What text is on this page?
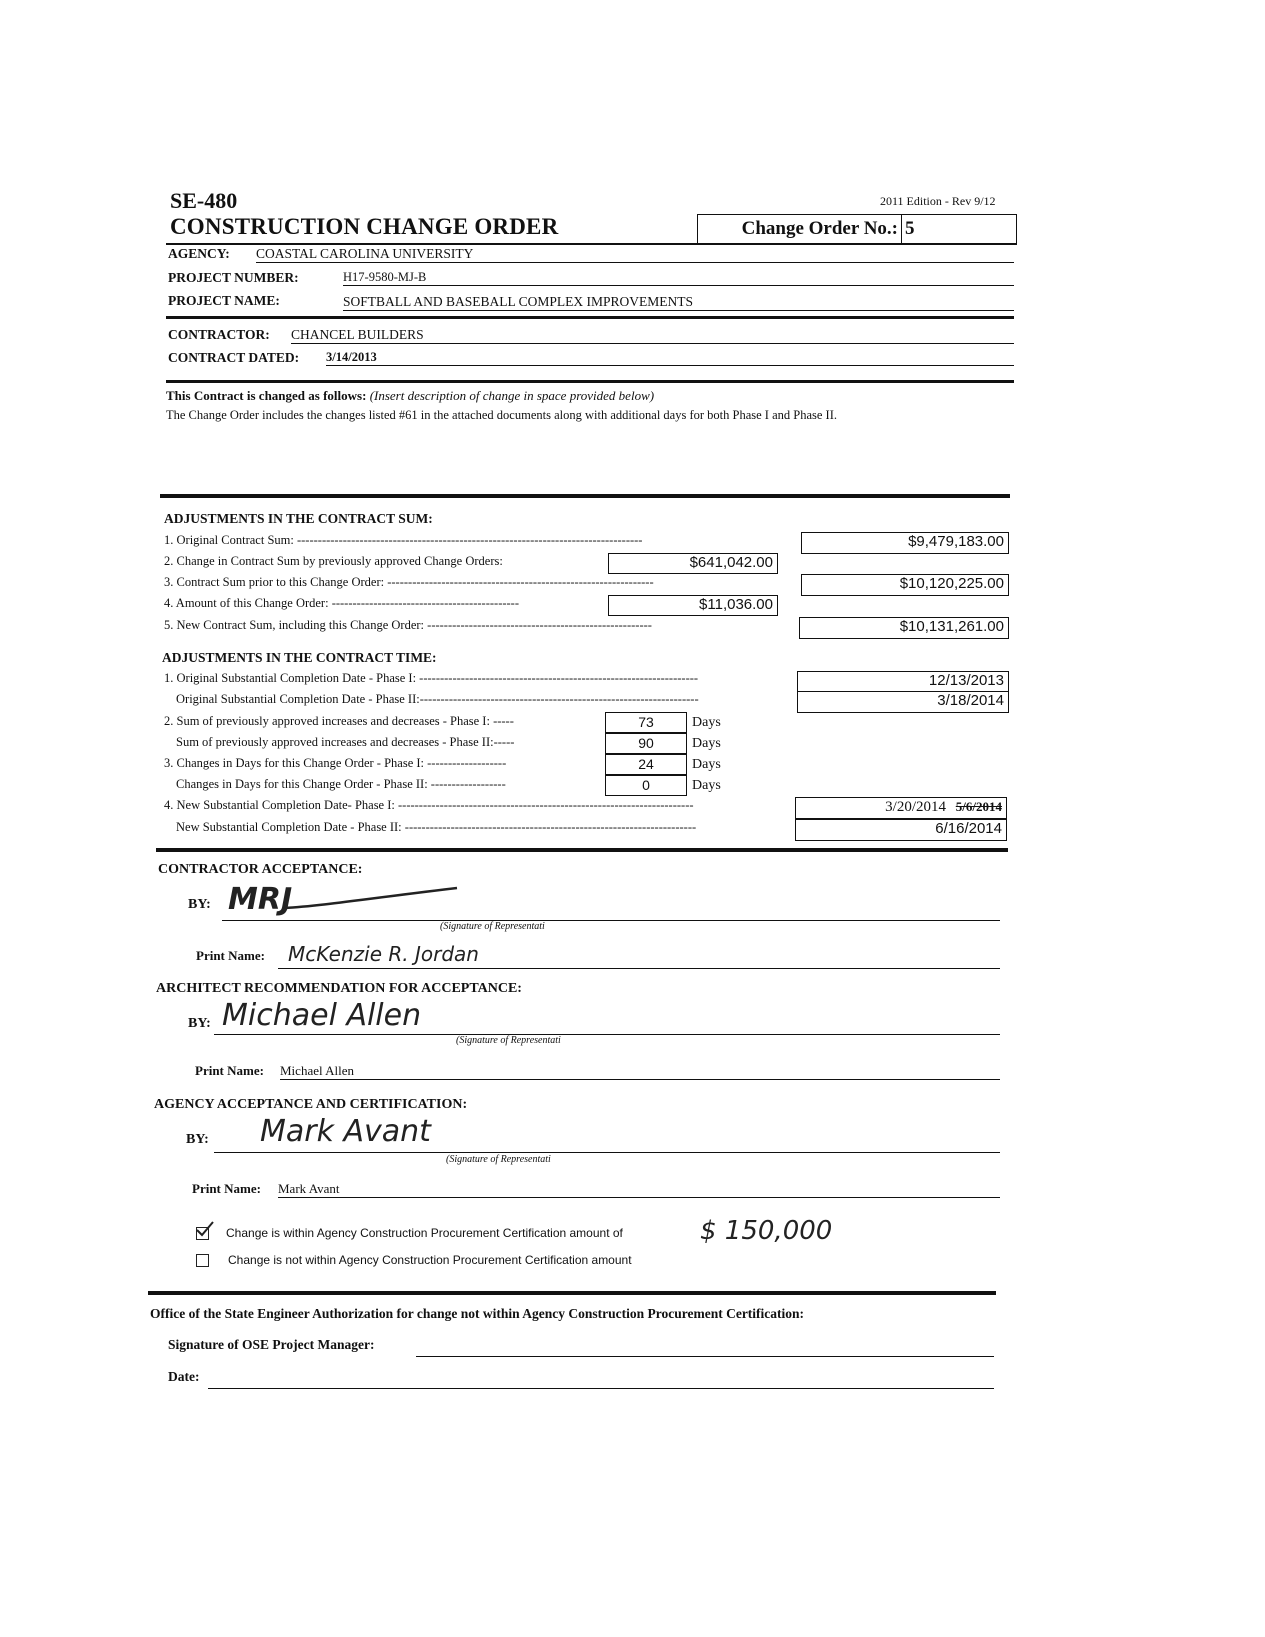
SE-480	2011 Edition - Rev 9/12
CONSTRUCTION CHANGE ORDER	Change Order No.: 5
AGENCY: COASTAL CAROLINA UNIVERSITY
PROJECT NUMBER:	H17-9580-MJ-B
PROJECT NAME:	SOFTBALL AND BASEBALL COMPLEX IMPROVEMENTS
CONTRACTOR: CHANCEL BUILDERS
CONTRACT DATED: 3/14/2013
This Contract is changed as follows: (Insert description of change in space provided below)
The Change Order includes the changes listed #61 in the attached documents along with additional days for both Phase I and Phase II.
ADJUSTMENTS IN THE CONTRACT SUM:
1. Original Contract Sum: -----------------------------------------------------------------------------------	$9,479,183.00
2. Change in Contract Sum by previously approved Change Orders:	$641,042.00
3. Contract Sum prior to this Change Order: ----------------------------------------------------------------	$10,120,225.00
4. Amount of this Change Order: ---------------------------------------------	$11,036.00
5. New Contract Sum, including this Change Order: ------------------------------------------------------	$10,131,261.00
ADJUSTMENTS IN THE CONTRACT TIME:
1. Original Substantial Completion Date - Phase I: -------------------------------------------------------------------	12/13/2013
Original Substantial Completion Date - Phase II:-------------------------------------------------------------------	3/18/2014
2. Sum of previously approved increases and decreases - Phase I: -----	73	Days
Sum of previously approved increases and decreases - Phase II:-----	90	Days
3. Changes in Days for this Change Order - Phase I: -------------------	24	Days
Changes in Days for this Change Order - Phase II: ------------------	0	Days
4. New Substantial Completion Date- Phase I: -----------------------------------------------------------------------	3/20/2014 5/6/2014
New Substantial Completion Date - Phase II: ----------------------------------------------------------------------	6/16/2014
CONTRACTOR ACCEPTANCE:
BY: MRJ
(Signature of Representati
Print Name: McKenzie R. Jordan
ARCHITECT RECOMMENDATION FOR ACCEPTANCE:
BY: Michael Allen
(Signature of Representati
Print Name: Michael Allen
AGENCY ACCEPTANCE AND CERTIFICATION:
BY: Mark Avant
(Signature of Representati
Print Name: Mark Avant
Change is within Agency Construction Procurement Certification amount of	$ 150,000
Change is not within Agency Construction Procurement Certification amount
Office of the State Engineer Authorization for change not within Agency Construction Procurement Certification:
Signature of OSE Project Manager:
Date:
